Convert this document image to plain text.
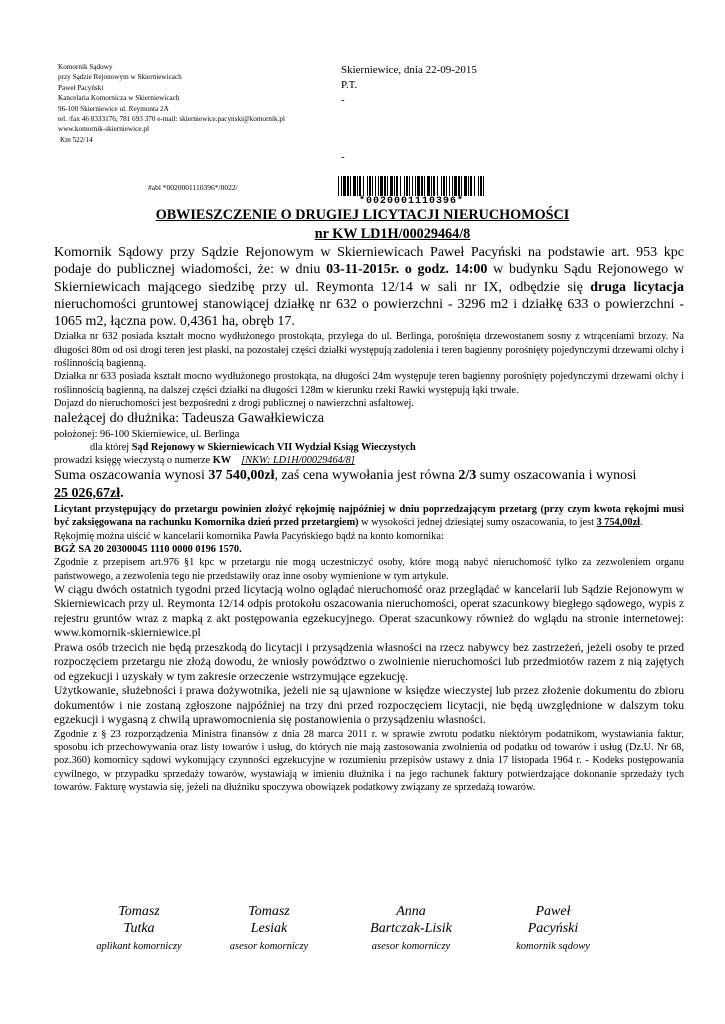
Komornik Sądowy
przy Sądzie Rejonowym w Skierniewicach
Paweł Pacyński
Kancelaria Komornicza w Skierniewicach
96-100 Skierniewice ul. Reymonta 2A
tel. /fax 46 8333176, 781 693 370 e-mail: skierniewice.pacynski@komornik.pl
www.komornik-skierniewice.pl
Km 522/14
Skierniewice, dnia 22-09-2015
P.T.
-
-
#abl *0020001110396*/0022/
*0020001110396*
OBWIESZCZENIE O DRUGIEJ LICYTACJI NIERUCHOMOŚCI
nr KW LD1H/00029464/8

Komornik Sądowy przy Sądzie Rejonowym w Skierniewicach Paweł Pacyński na podstawie art. 953 kpc podaje do publicznej wiadomości, że: w dniu 03-11-2015r. o godz. 14:00 w budynku Sądu Rejonowego w Skierniewicach mającego siedzibę przy ul. Reymonta 12/14 w sali nr IX, odbędzie się druga licytacja nieruchomości gruntowej stanowiącej działkę nr 632 o powierzchni - 3296 m2 i działkę 633 o powierzchni - 1065 m2, łączna pow. 0,4361 ha, obręb 17.

Działka nr 632 posiada kształt mocno wydłużonego prostokąta, przylega do ul. Berlinga, porośnięta drzewostanem sosny z wtrąceniami brzozy. Na długości 80m od osi drogi teren jest płaski, na pozostałej części działki występują zadolenia i teren bagienny porośnięty pojedynczymi drzewami olchy i roślinnością bagienną.

Działka nr 633 posiada kształt mocno wydłużonego prostokąta, na długości 24m występuje teren bagienny porośnięty pojedynczymi drzewami olchy i roślinnością bagienną, na dalszej części działki na długości 128m w kierunku rzeki Rawki występują łąki trwałe.

Dojazd do nieruchomości jest bezpośredni z drogi publicznej o nawierzchni asfaltowej.

należącej do dłużnika: Tadeusza Gawałkiewicza

położonej: 96-100 Skierniewice, ul. Berlinga

dla której Sąd Rejonowy w Skierniewicach VII Wydział Ksiąg Wieczystych

prowadzi księgę wieczystą o numerze KW [NKW: LD1H/00029464/8]

Suma oszacowania wynosi 37 540,00zł, zaś cena wywołania jest równa 2/3 sumy oszacowania i wynosi
25 026,67zł.

Licytant przystępujący do przetargu powinien złożyć rękojmię najpóźniej w dniu poprzedzającym przetarg (przy czym kwota rękojmi musi być zaksięgowana na rachunku Komornika dzień przed przetargiem) w wysokości jednej dziesiątej sumy oszacowania, to jest 3 754,00zł.

Rękojmię można uiścić w kancelarii komornika Pawła Pacyńskiego bądź na konto komornika:

BGŻ SA 20 20300045 1110 0000 0196 1570.

Zgodnie z przepisem art.976 §1 kpc w przetargu nie mogą uczestniczyć osoby, które mogą nabyć nieruchomość tylko za zezwoleniem organu państwowego, a zezwolenia tego nie przedstawiły oraz inne osoby wymienione w tym artykule.

W ciągu dwóch ostatnich tygodni przed licytacją wolno oglądać nieruchomość oraz przeglądać w kancelarii lub Sądzie Rejonowym w Skierniewicach przy ul. Reymonta 12/14 odpis protokołu oszacowania nieruchomości, operat szacunkowy biegłego sądowego, wypis z rejestru gruntów wraz z mapką z akt postępowania egzekucyjnego. Operat szacunkowy również do wglądu na stronie internetowej: www.komornik-skierniewice.pl

Prawa osób trzecich nie będą przeszkodą do licytacji i przysądzenia własności na rzecz nabywcy bez zastrzeżeń, jeżeli osoby te przed rozpoczęciem przetargu nie złożą dowodu, że wniosły powództwo o zwolnienie nieruchomości lub przedmiotów razem z nią zajętych od egzekucji i uzyskały w tym zakresie orzeczenie wstrzymujące egzekucję.

Użytkowanie, służebności i prawa dożywotnika, jeżeli nie są ujawnione w księdze wieczystej lub przez złożenie dokumentu do zbioru dokumentów i nie zostaną zgłoszone najpóźniej na trzy dni przed rozpoczęciem licytacji, nie będą uwzględnione w dalszym toku egzekucji i wygasną z chwilą uprawomocnienia się postanowienia o przysądzeniu własności.

Zgodnie z § 23 rozporządzenia Ministra finansów z dnia 28 marca 2011 r. w sprawie zwrotu podatku niektórym podatnikom, wystawiania faktur, sposobu ich przechowywania oraz listy towarów i usług, do których nie mają zastosowania zwolnienia od podatku od towarów i usług (Dz.U. Nr 68, poz.360) komornicy sądowi wykonujący czynności egzekucyjne w rozumieniu przepisów ustawy z dnia 17 listopada 1964 r. - Kodeks postępowania cywilnego, w przypadku sprzedaży towarów, wystawiają w imieniu dłużnika i na jego rachunek faktury potwierdzające dokonanie sprzedaży tych towarów. Fakturę wystawia się, jeżeli na dłużniku spoczywa obowiązek podatkowy związany ze sprzedażą towarów.

Tomasz
Tutka
aplikant komorniczy
Tomasz
Lesiak
asesor komorniczy
Anna
Bartczak-Lisik
asesor komorniczy
Paweł
Pacyński
komornik sądowy
